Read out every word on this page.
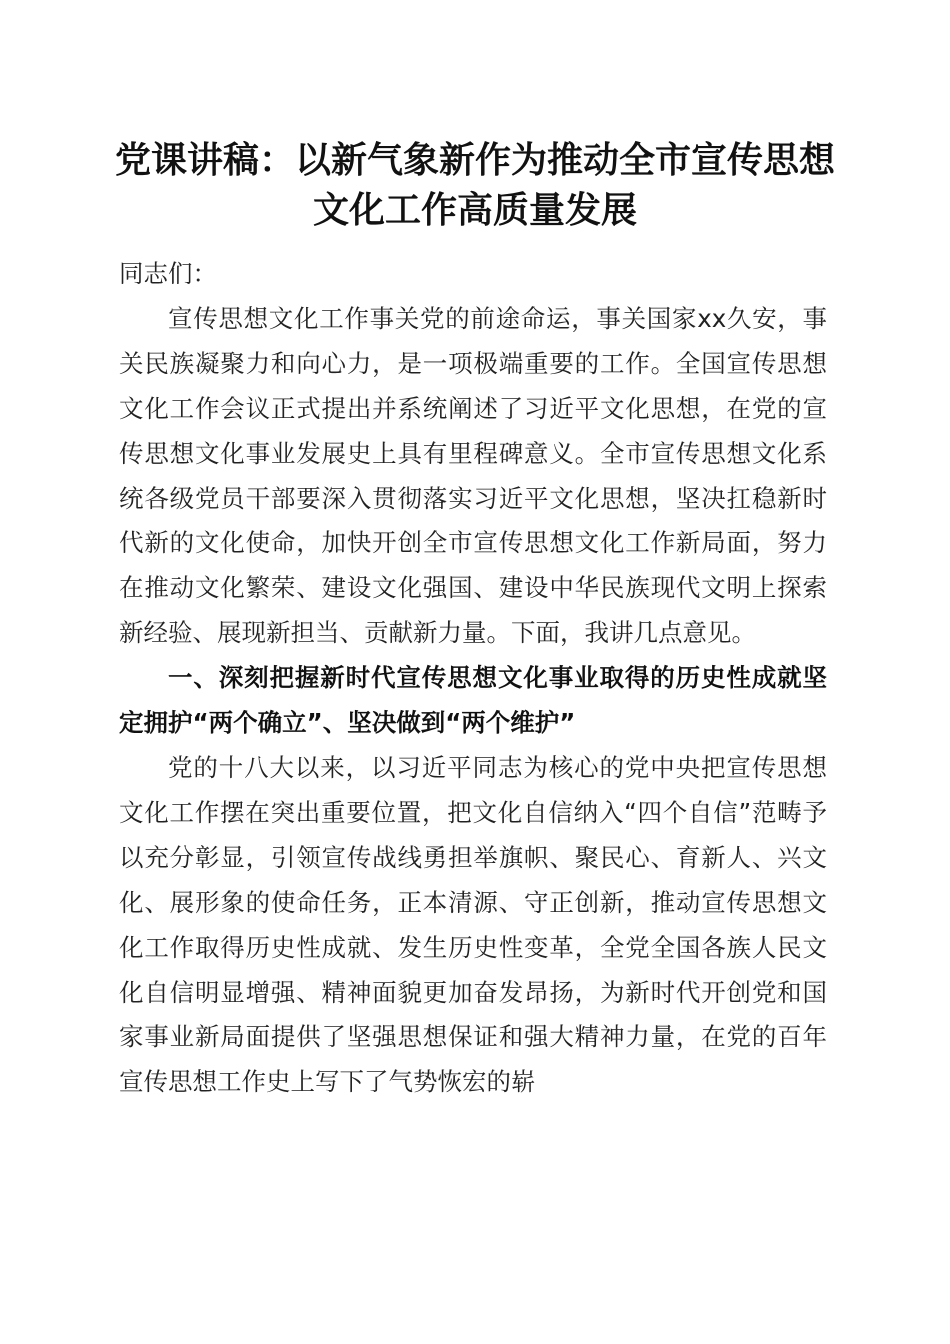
党课讲稿：以新气象新作为推动全市宣传思想
文化工作高质量发展

同志们：

宣传思想文化工作事关党的前途命运，事关国家xx久安，事关民族凝聚力和向心力，是一项极端重要的工作。全国宣传思想文化工作会议正式提出并系统阐述了习近平文化思想，在党的宣传思想文化事业发展史上具有里程碑意义。全市宣传思想文化系统各级党员干部要深入贯彻落实习近平文化思想，坚决扛稳新时代新的文化使命，加快开创全市宣传思想文化工作新局面，努力在推动文化繁荣、建设文化强国、建设中华民族现代文明上探索新经验、展现新担当、贡献新力量。下面，我讲几点意见。

一、深刻把握新时代宣传思想文化事业取得的历史性成就坚定拥护“两个确立”、坚决做到“两个维护”

党的十八大以来，以习近平同志为核心的党中央把宣传思想文化工作摆在突出重要位置，把文化自信纳入“四个自信”范畴予以充分彰显，引领宣传战线勇担举旗帜、聚民心、育新人、兴文化、展形象的使命任务，正本清源、守正创新，推动宣传思想文化工作取得历史性成就、发生历史性变革，全党全国各族人民文化自信明显增强、精神面貌更加奋发昂扬，为新时代开创党和国家事业新局面提供了坚强思想保证和强大精神力量，在党的百年宣传思想工作史上写下了气势恢宏的崭
